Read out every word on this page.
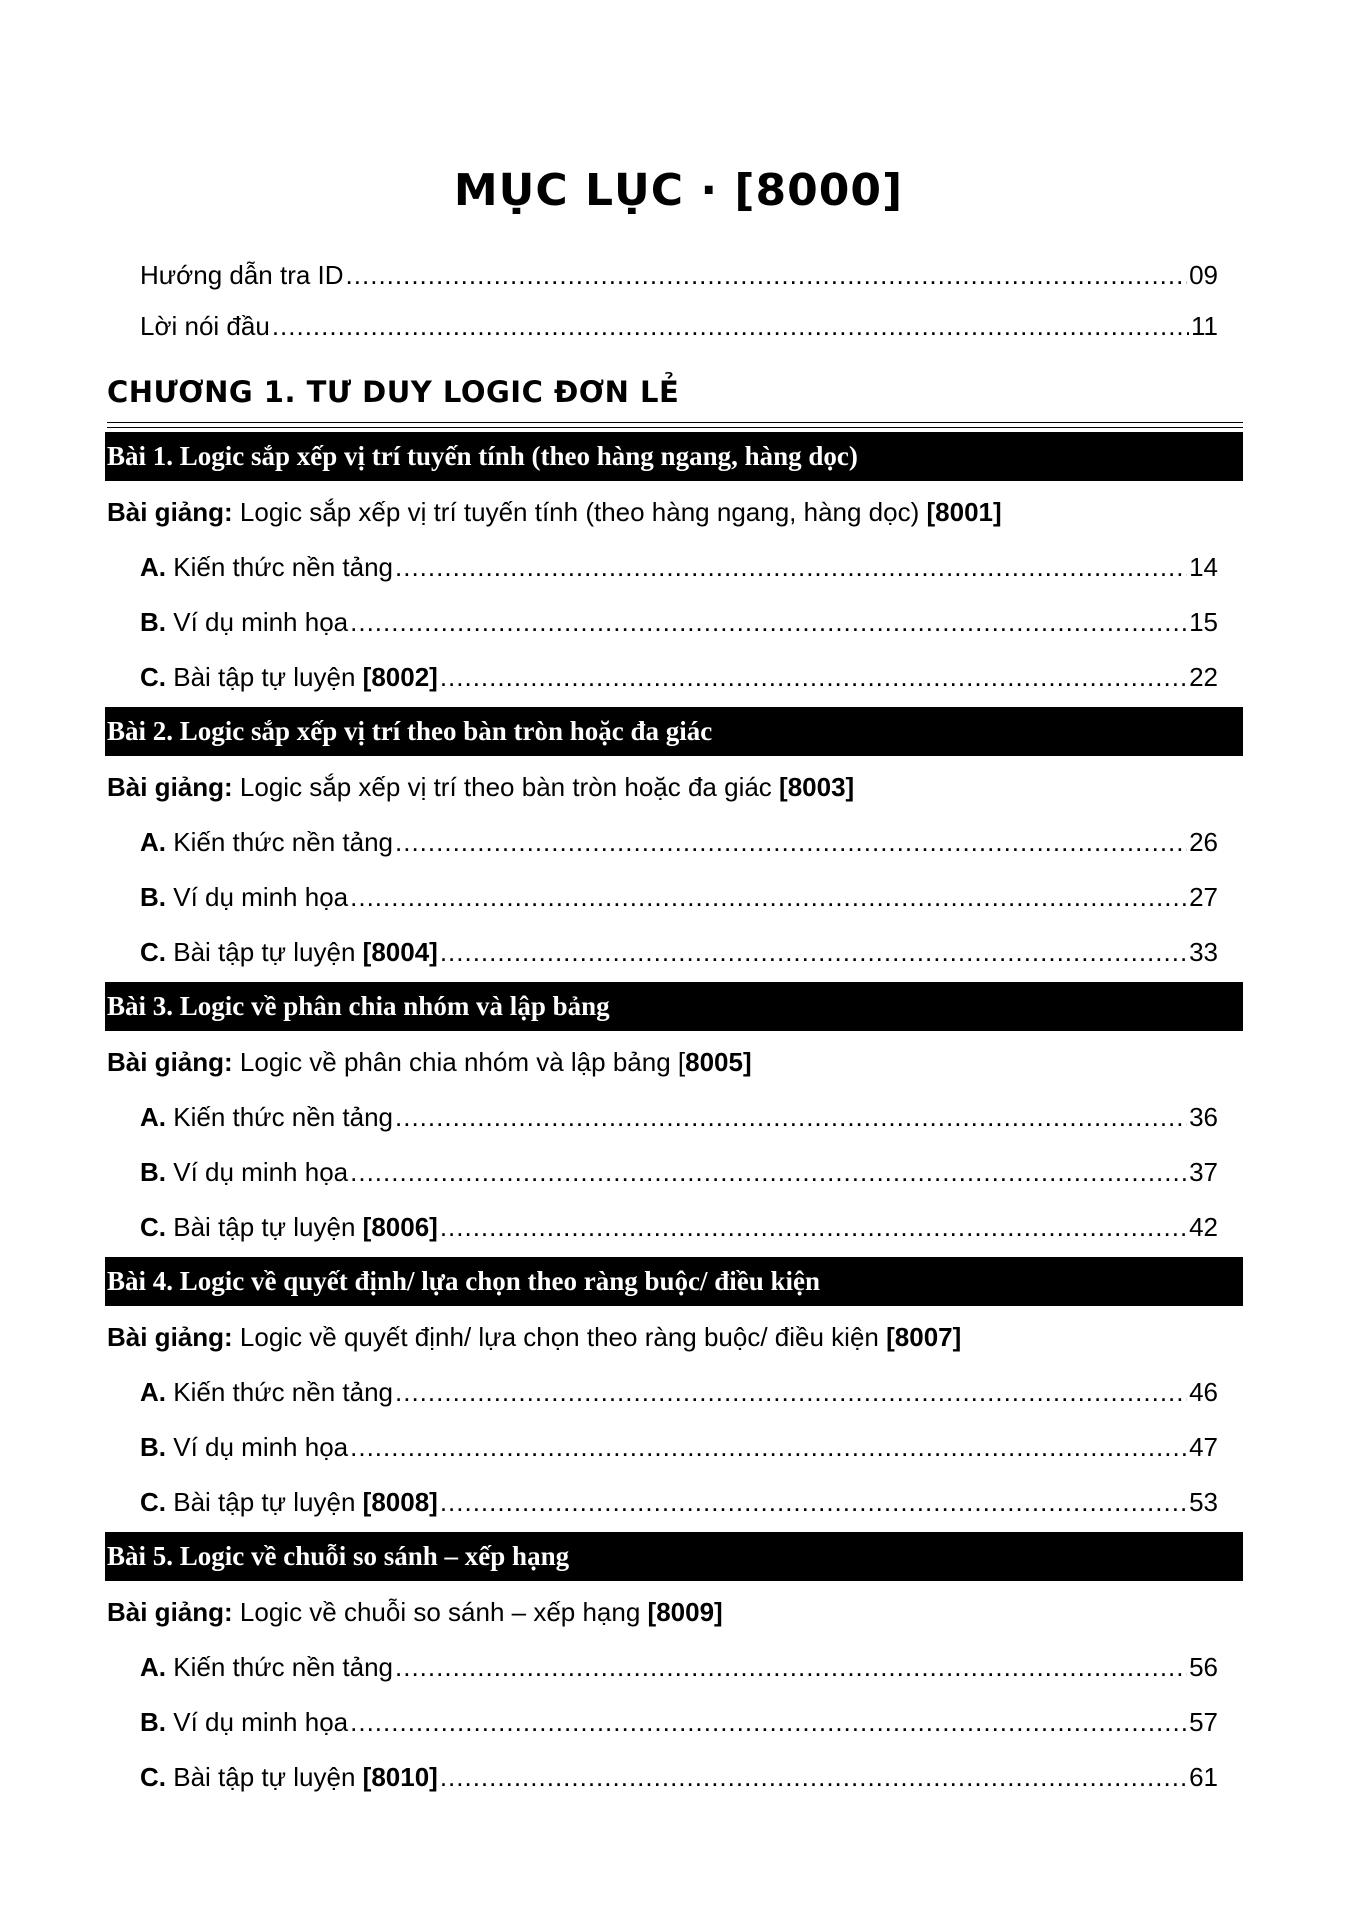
MỤC LỤC · [8000]
Hướng dẫn tra ID .....	09
Lời nói đầu .....	11
CHƯƠNG 1. TƯ DUY LOGIC ĐƠN LẺ
Bài 1. Logic sắp xếp vị trí tuyến tính (theo hàng ngang, hàng dọc)
Bài giảng: Logic sắp xếp vị trí tuyến tính (theo hàng ngang, hàng dọc) [8001]
A. Kiến thức nền tảng .....	14
B. Ví dụ minh họa .....	15
C. Bài tập tự luyện [8002] .....	22
Bài 2. Logic sắp xếp vị trí theo bàn tròn hoặc đa giác
Bài giảng: Logic sắp xếp vị trí theo bàn tròn hoặc đa giác [8003]
A. Kiến thức nền tảng .....	26
B. Ví dụ minh họa .....	27
C. Bài tập tự luyện [8004] .....	33
Bài 3. Logic về phân chia nhóm và lập bảng
Bài giảng: Logic về phân chia nhóm và lập bảng [8005]
A. Kiến thức nền tảng .....	36
B. Ví dụ minh họa .....	37
C. Bài tập tự luyện [8006] .....	42
Bài 4. Logic về quyết định/ lựa chọn theo ràng buộc/ điều kiện
Bài giảng: Logic về quyết định/ lựa chọn theo ràng buộc/ điều kiện [8007]
A. Kiến thức nền tảng .....	46
B. Ví dụ minh họa .....	47
C. Bài tập tự luyện [8008] .....	53
Bài 5. Logic về chuỗi so sánh – xếp hạng
Bài giảng: Logic về chuỗi so sánh – xếp hạng [8009]
A. Kiến thức nền tảng .....	56
B. Ví dụ minh họa .....	57
C. Bài tập tự luyện [8010] .....	61
